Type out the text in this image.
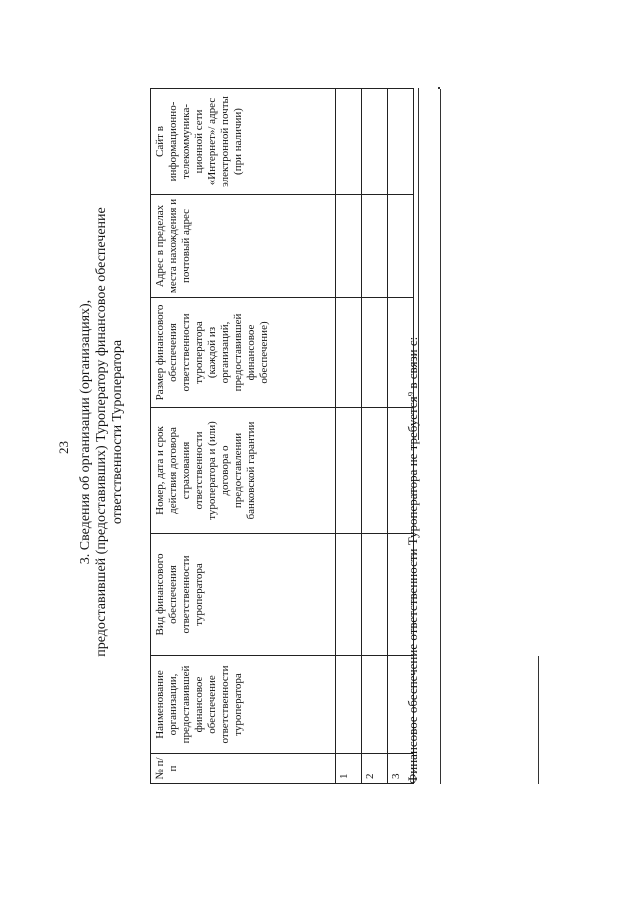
23 3. Сведения об организации (организациях), предоставившей (предоставивших) Туроператору финансовое обеспечение ответственности Туроператора
№ п/п	Наименование организации, предоставившей финансовое обеспечение ответственности туроператора	Вид финансового обеспечения ответственности туроператора	Номер, дата и срок действия договора страхования ответственности туроператора и (или) договора о предоставлении банковской гарантии	Размер финансового обеспечения ответственности туроператора (каждой из организаций, предоставившей финансовое обеспечение)	Адрес в пределах места нахождения и почтовый адрес	Сайт в информационно-телекоммуника-ционной сети «Интернет»/ адрес электронной почты (при наличии)
1						
2						
3						Финансовое обеспечение ответственности Туроператора не требуется⁹ в связи с:
